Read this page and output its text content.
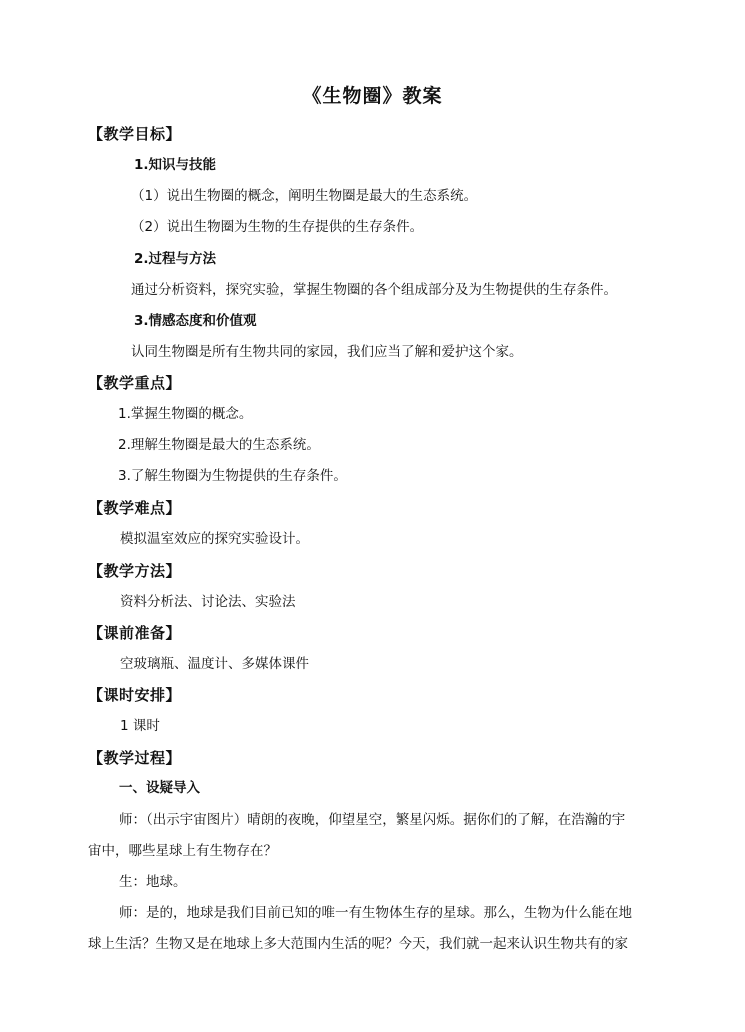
《生物圈》教案
【教学目标】
1.知识与技能
（1）说出生物圈的概念，阐明生物圈是最大的生态系统。
（2）说出生物圈为生物的生存提供的生存条件。
2.过程与方法
通过分析资料，探究实验，掌握生物圈的各个组成部分及为生物提供的生存条件。
3.情感态度和价值观
认同生物圈是所有生物共同的家园，我们应当了解和爱护这个家。
【教学重点】
1.掌握生物圈的概念。
2.理解生物圈是最大的生态系统。
3.了解生物圈为生物提供的生存条件。
【教学难点】
模拟温室效应的探究实验设计。
【教学方法】
资料分析法、讨论法、实验法
【课前准备】
空玻璃瓶、温度计、多媒体课件
【课时安排】
1 课时
【教学过程】
一、设疑导入
师：（出示宇宙图片）晴朗的夜晚，仰望星空，繁星闪烁。据你们的了解，在浩瀚的宇
宙中，哪些星球上有生物存在？
生：地球。
师：是的，地球是我们目前已知的唯一有生物体生存的星球。那么，生物为什么能在地
球上生活？生物又是在地球上多大范围内生活的呢？今天，我们就一起来认识生物共有的家
